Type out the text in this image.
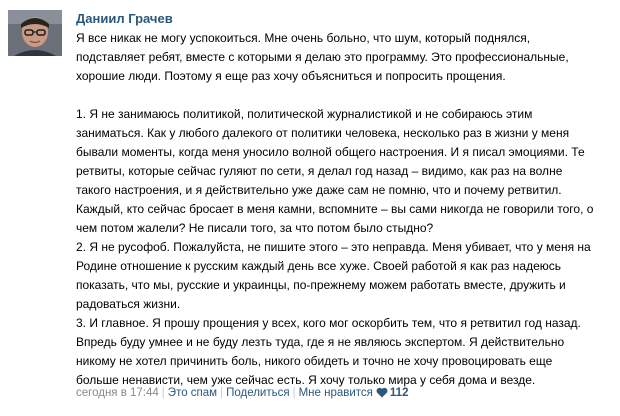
Даниил Грачев

Я все никак не могу успокоиться. Мне очень больно, что шум, который поднялся,
подставляет ребят, вместе с которыми я делаю это программу. Это профессиональные,
хорошие люди. Поэтому я еще раз хочу объясниться и попросить прощения.

1. Я не занимаюсь политикой, политической журналистикой и не собираюсь этим
заниматься. Как у любого далекого от политики человека, несколько раз в жизни у меня
бывали моменты, когда меня уносило волной общего настроения. И я писал эмоциями. Те
ретвиты, которые сейчас гуляют по сети, я делал год назад – видимо, как раз на волне
такого настроения, и я действительно уже даже сам не помню, что и почему ретвитил.
Каждый, кто сейчас бросает в меня камни, вспомните – вы сами никогда не говорили того, о
чем потом жалели? Не писали того, за что потом было стыдно?

2. Я не русофоб. Пожалуйста, не пишите этого – это неправда. Меня убивает, что у меня на
Родине отношение к русским каждый день все хуже. Своей работой я как раз надеюсь
показать, что мы, русские и украинцы, по-прежнему можем работать вместе, дружить и
радоваться жизни.

3. И главное. Я прошу прощения у всех, кого мог оскорбить тем, что я ретвитил год назад.
Впредь буду умнее и не буду лезть туда, где я не являюсь экспертом. Я действительно
никому не хотел причинить боль, никого обидеть и точно не хочу провоцировать еще
больше ненависти, чем уже сейчас есть. Я хочу только мира у себя дома и везде.

сегодня в 17:44 | Это спам | Поделиться | Мне нравится 112
